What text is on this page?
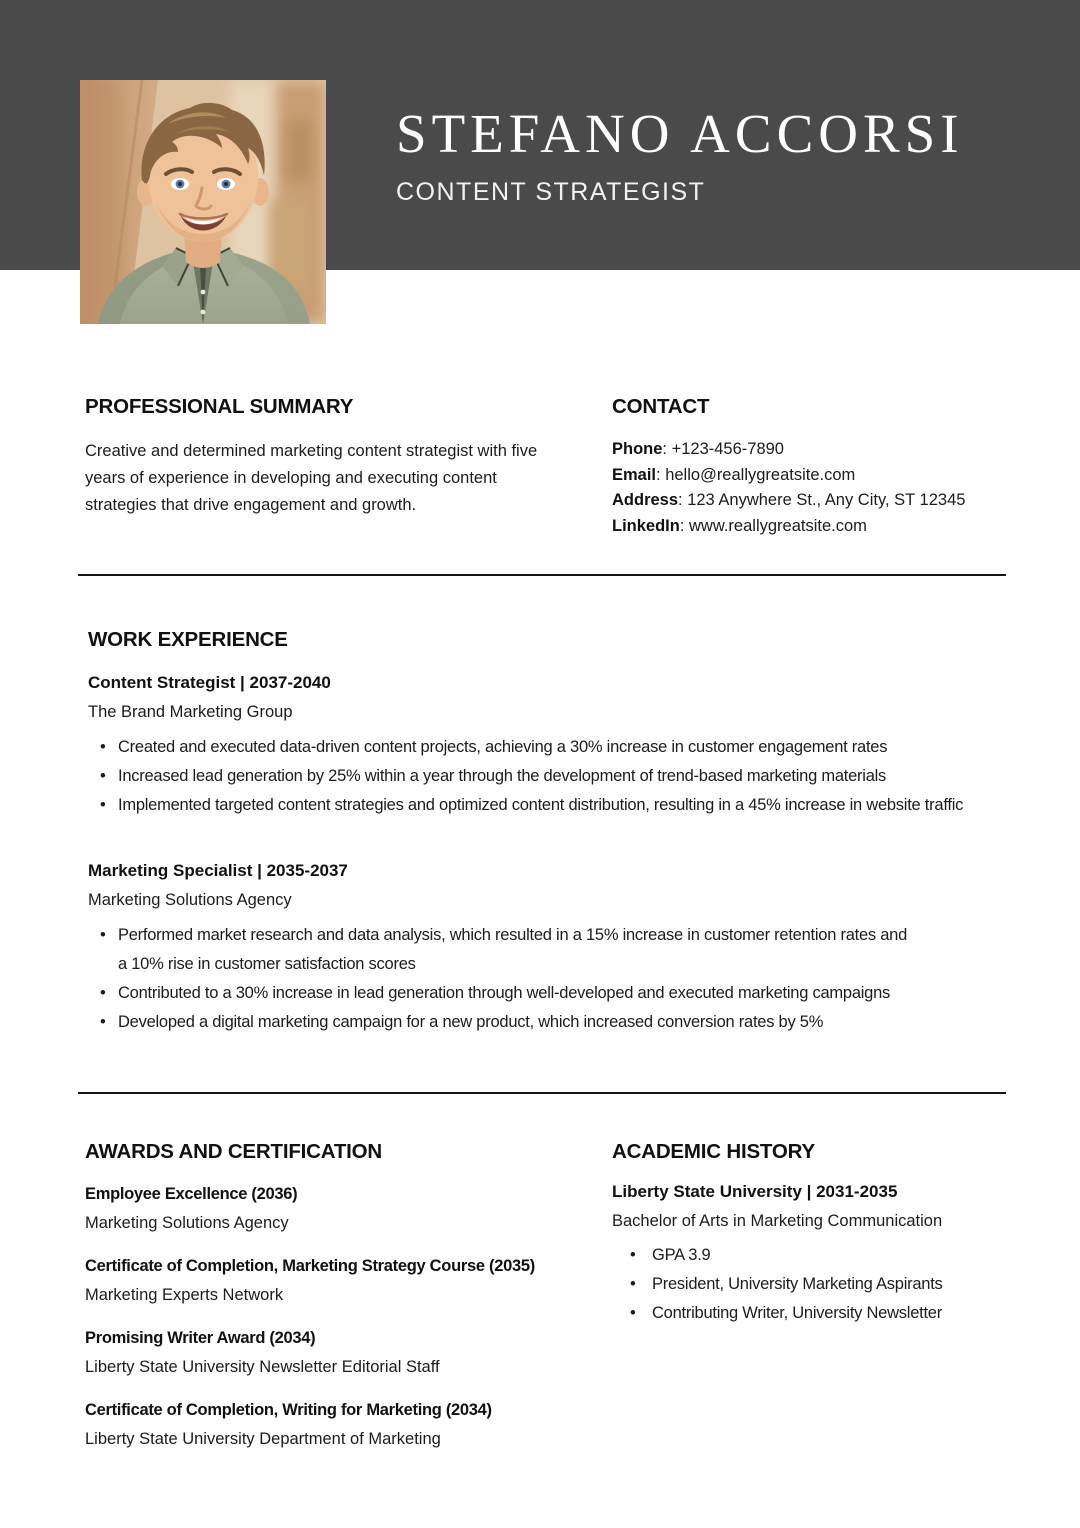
STEFANO ACCORSI
CONTENT STRATEGIST
PROFESSIONAL SUMMARY
Creative and determined marketing content strategist with five years of experience in developing and executing content strategies that drive engagement and growth.
CONTACT
Phone: +123-456-7890
Email: hello@reallygreatsite.com
Address: 123 Anywhere St., Any City, ST 12345
LinkedIn: www.reallygreatsite.com
WORK EXPERIENCE
Content Strategist | 2037-2040
The Brand Marketing Group
• Created and executed data-driven content projects, achieving a 30% increase in customer engagement rates
• Increased lead generation by 25% within a year through the development of trend-based marketing materials
• Implemented targeted content strategies and optimized content distribution, resulting in a 45% increase in website traffic
Marketing Specialist | 2035-2037
Marketing Solutions Agency
• Performed market research and data analysis, which resulted in a 15% increase in customer retention rates and a 10% rise in customer satisfaction scores
• Contributed to a 30% increase in lead generation through well-developed and executed marketing campaigns
• Developed a digital marketing campaign for a new product, which increased conversion rates by 5%
AWARDS AND CERTIFICATION
Employee Excellence (2036)
Marketing Solutions Agency
Certificate of Completion, Marketing Strategy Course (2035)
Marketing Experts Network
Promising Writer Award (2034)
Liberty State University Newsletter Editorial Staff
Certificate of Completion, Writing for Marketing (2034)
Liberty State University Department of Marketing
ACADEMIC HISTORY
Liberty State University | 2031-2035
Bachelor of Arts in Marketing Communication
• GPA 3.9
• President, University Marketing Aspirants
• Contributing Writer, University Newsletter
